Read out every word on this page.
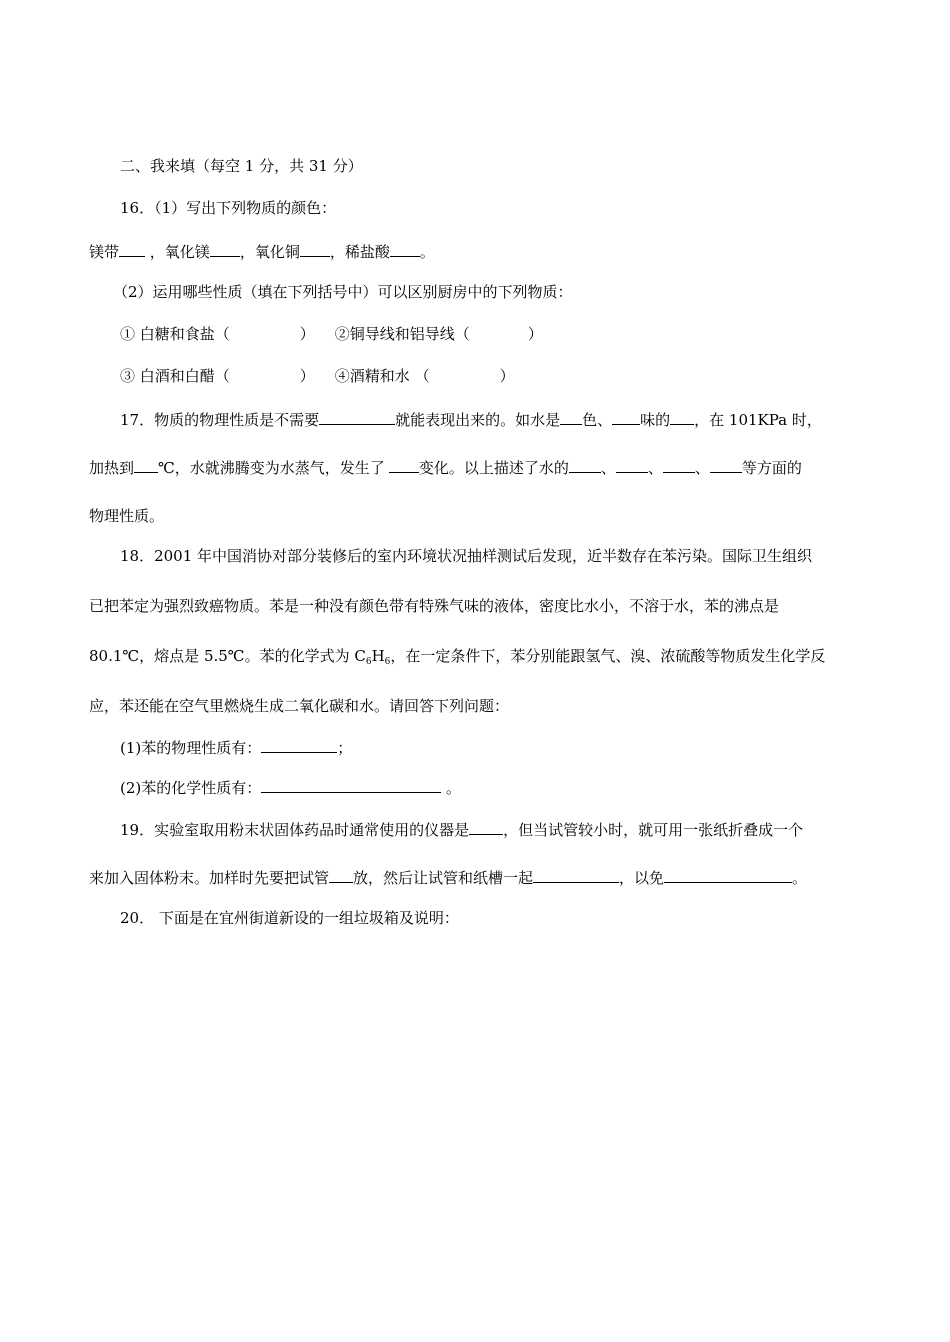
二、我来填（每空 1 分，共 31 分）
16．（1）写出下列物质的颜色：
镁带 ，氧化镁 ，氧化铜 ，稀盐酸 。
（2）运用哪些性质（填在下列括号中）可以区别厨房中的下列物质：
① 白糖和食盐（	） ②铜导线和铝导线（	）
③ 白酒和白醋（	） ④酒精和水 （	）
17．物质的物理性质是不需要	就能表现出来的。如水是 色、 味的 ，在 101KPa 时，
加热到 ℃，水就沸腾变为水蒸气，发生了 变化。以上描述了水的 、 、 、 等方面的
物理性质。
18．2001 年中国消协对部分装修后的室内环境状况抽样测试后发现，近半数存在苯污染。国际卫生组织
已把苯定为强烈致癌物质。苯是一种没有颜色带有特殊气味的液体，密度比水小，不溶于水，苯的沸点是
80.1℃，熔点是 5.5℃。苯的化学式为 $C_6H_6$，在一定条件下，苯分别能跟氢气、溴、浓硫酸等物质发生化学反
应，苯还能在空气里燃烧生成二氧化碳和水。请回答下列问题：
(1)苯的物理性质有：	；
(2)苯的化学性质有：	。
19．实验室取用粉末状固体药品时通常使用的仪器是 ，但当试管较小时，就可用一张纸折叠成一个
来加入固体粉末。加样时先要把试管 放，然后让试管和纸槽一起	，以免	。
20． 下面是在宜州街道新设的一组垃圾箱及说明：
